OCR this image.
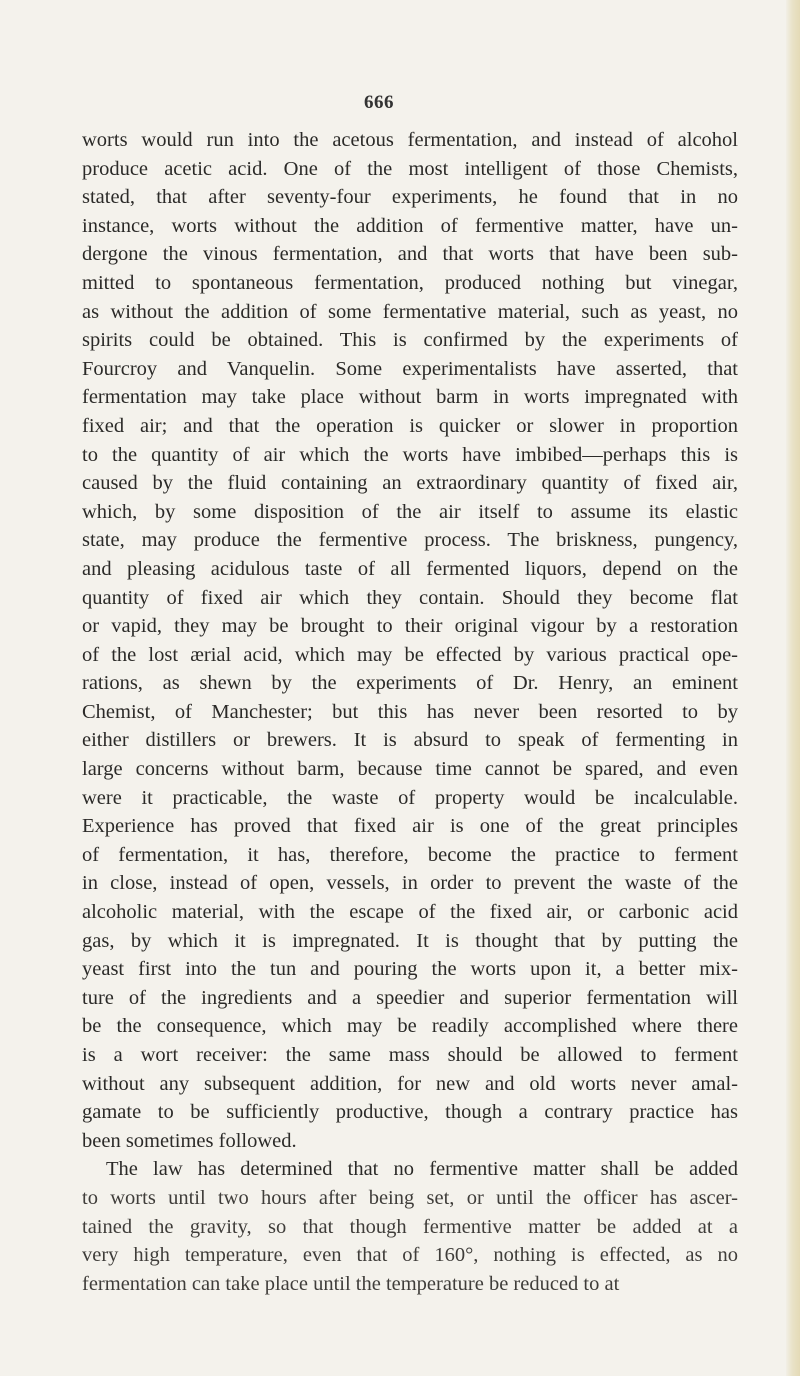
666
worts would run into the acetous fermentation, and instead of alcohol
produce acetic acid. One of the most intelligent of those Chemists,
stated, that after seventy-four experiments, he found that in no
instance, worts without the addition of fermentive matter, have un-
dergone the vinous fermentation, and that worts that have been sub-
mitted to spontaneous fermentation, produced nothing but vinegar,
as without the addition of some fermentative material, such as yeast, no
spirits could be obtained. This is confirmed by the experiments of
Fourcroy and Vanquelin. Some experimentalists have asserted, that
fermentation may take place without barm in worts impregnated with
fixed air; and that the operation is quicker or slower in proportion
to the quantity of air which the worts have imbibed—perhaps this is
caused by the fluid containing an extraordinary quantity of fixed air,
which, by some disposition of the air itself to assume its elastic
state, may produce the fermentive process. The briskness, pungency,
and pleasing acidulous taste of all fermented liquors, depend on the
quantity of fixed air which they contain. Should they become flat
or vapid, they may be brought to their original vigour by a restoration
of the lost ærial acid, which may be effected by various practical ope-
rations, as shewn by the experiments of Dr. Henry, an eminent
Chemist, of Manchester; but this has never been resorted to by
either distillers or brewers. It is absurd to speak of fermenting in
large concerns without barm, because time cannot be spared, and even
were it practicable, the waste of property would be incalculable.
Experience has proved that fixed air is one of the great principles
of fermentation, it has, therefore, become the practice to ferment
in close, instead of open, vessels, in order to prevent the waste of the
alcoholic material, with the escape of the fixed air, or carbonic acid
gas, by which it is impregnated. It is thought that by putting the
yeast first into the tun and pouring the worts upon it, a better mix-
ture of the ingredients and a speedier and superior fermentation will
be the consequence, which may be readily accomplished where there
is a wort receiver: the same mass should be allowed to ferment
without any subsequent addition, for new and old worts never amal-
gamate to be sufficiently productive, though a contrary practice has
been sometimes followed.
The law has determined that no fermentive matter shall be added
to worts until two hours after being set, or until the officer has ascer-
tained the gravity, so that though fermentive matter be added at a
very high temperature, even that of 160°, nothing is effected, as no
fermentation can take place until the temperature be reduced to at
